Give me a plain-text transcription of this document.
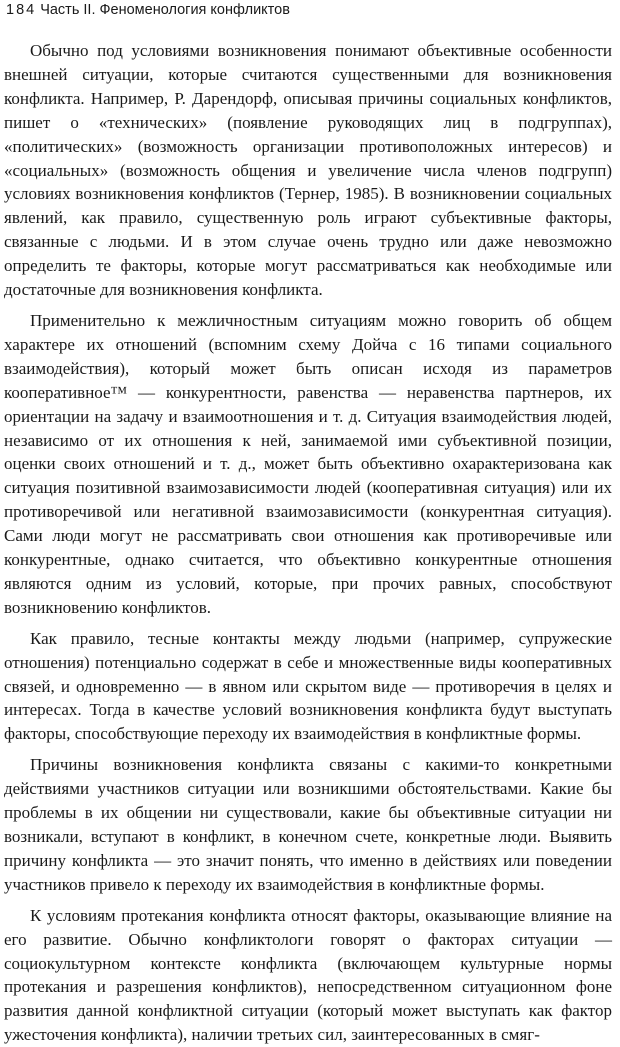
184 Часть II. Феноменология конфликтов

Обычно под условиями возникновения понимают объективные особенности внешней ситуации, которые считаются существенными для возникновения конфликта. Например, Р. Дарендорф, описывая причины социальных конфликтов, пишет о «технических» (появление руководящих лиц в подгруппах), «политических» (возможность организации противоположных интересов) и «социальных» (возможность общения и увеличение числа членов подгрупп) условиях возникновения конфликтов (Тернер, 1985). В возникновении социальных явлений, как правило, существенную роль играют субъективные факторы, связанные с людьми. И в этом случае очень трудно или даже невозможно определить те факторы, которые могут рассматриваться как необходимые или достаточные для возникновения конфликта.

Применительно к межличностным ситуациям можно говорить об общем характере их отношений (вспомним схему Дойча с 16 типами социального взаимодействия), который может быть описан исходя из параметров кооперативное™ — конкурентности, равенства — неравенства партнеров, их ориентации на задачу и взаимоотношения и т. д. Ситуация взаимодействия людей, независимо от их отношения к ней, занимаемой ими субъективной позиции, оценки своих отношений и т. д., может быть объективно охарактеризована как ситуация позитивной взаимозависимости людей (кооперативная ситуация) или их противоречивой или негативной взаимозависимости (конкурентная ситуация). Сами люди могут не рассматривать свои отношения как противоречивые или конкурентные, однако считается, что объективно конкурентные отношения являются одним из условий, которые, при прочих равных, способствуют возникновению конфликтов.

Как правило, тесные контакты между людьми (например, супружеские отношения) потенциально содержат в себе и множественные виды кооперативных связей, и одновременно — в явном или скрытом виде — противоречия в целях и интересах. Тогда в качестве условий возникновения конфликта будут выступать факторы, способствующие переходу их взаимодействия в конфликтные формы.

Причины возникновения конфликта связаны с какими-то конкретными действиями участников ситуации или возникшими обстоятельствами. Какие бы проблемы в их общении ни существовали, какие бы объективные ситуации ни возникали, вступают в конфликт, в конечном счете, конкретные люди. Выявить причину конфликта — это значит понять, что именно в действиях или поведении участников привело к переходу их взаимодействия в конфликтные формы.

К условиям протекания конфликта относят факторы, оказывающие влияние на его развитие. Обычно конфликтологи говорят о факторах ситуации — социокультурном контексте конфликта (включающем культурные нормы протекания и разрешения конфликтов), непосредственном ситуационном фоне развития данной конфликтной ситуации (который может выступать как фактор ужесточения конфликта), наличии третьих сил, заинтересованных в смяг-
